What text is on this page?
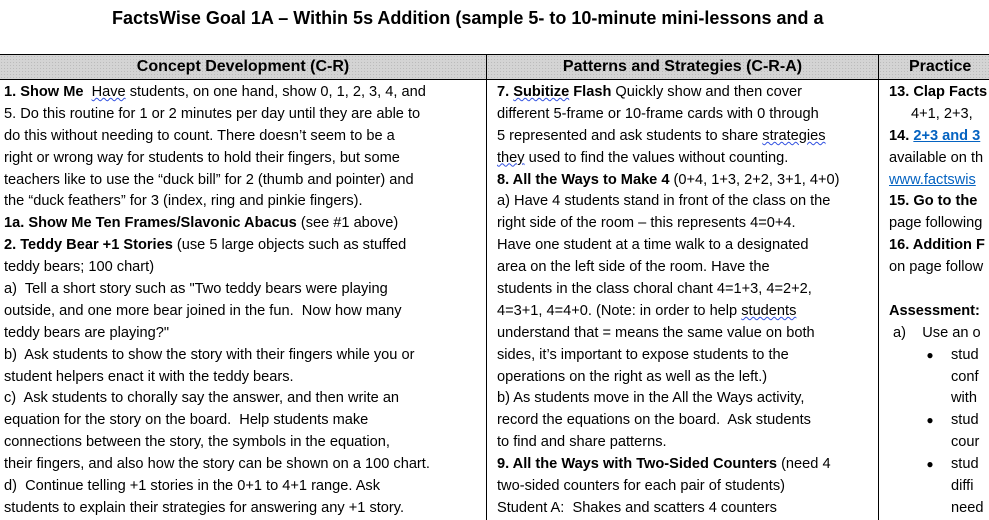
FactsWise Goal 1A – Within 5s Addition (sample 5- to 10-minute mini-lessons and a
Concept Development (C-R)
1. Show Me Have students, on one hand, show 0, 1, 2, 3, 4, and
5. Do this routine for 1 or 2 minutes per day until they are able to
do this without needing to count. There doesn’t seem to be a
right or wrong way for students to hold their fingers, but some
teachers like to use the “duck bill” for 2 (thumb and pointer) and
the “duck feathers” for 3 (index, ring and pinkie fingers).
1a. Show Me Ten Frames/Slavonic Abacus (see #1 above)
2. Teddy Bear +1 Stories (use 5 large objects such as stuffed
teddy bears; 100 chart)
a)  Tell a short story such as "Two teddy bears were playing
outside, and one more bear joined in the fun.  Now how many
teddy bears are playing?"
b)  Ask students to show the story with their fingers while you or
student helpers enact it with the teddy bears.
c)  Ask students to chorally say the answer, and then write an
equation for the story on the board.  Help students make
connections between the story, the symbols in the equation,
their fingers, and also how the story can be shown on a 100 chart.
d)  Continue telling +1 stories in the 0+1 to 4+1 range. Ask
students to explain their strategies for answering any +1 story.
Patterns and Strategies (C-R-A)
7. Subitize Flash Quickly show and then cover
different 5-frame or 10-frame cards with 0 through
5 represented and ask students to share strategies
they used to find the values without counting.
8. All the Ways to Make 4 (0+4, 1+3, 2+2, 3+1, 4+0)
a) Have 4 students stand in front of the class on the
right side of the room – this represents 4=0+4.
Have one student at a time walk to a designated
area on the left side of the room. Have the
students in the class choral chant 4=1+3, 4=2+2,
4=3+1, 4=4+0. (Note: in order to help students
understand that = means the same value on both
sides, it’s important to expose students to the
operations on the right as well as the left.)
b) As students move in the All the Ways activity,
record the equations on the board.  Ask students
to find and share patterns.
9. All the Ways with Two-Sided Counters (need 4
two-sided counters for each pair of students)
Student A:  Shakes and scatters 4 counters
Practice
13. Clap Facts
4+1, 2+3,
14. 2+3 and 3
available on th
www.factswis
15. Go to the
page following
16. Addition F
on page follow
Assessment:
a)    Use an o
● stud
conf
with
● stud
cour
● stud
diffi
need
